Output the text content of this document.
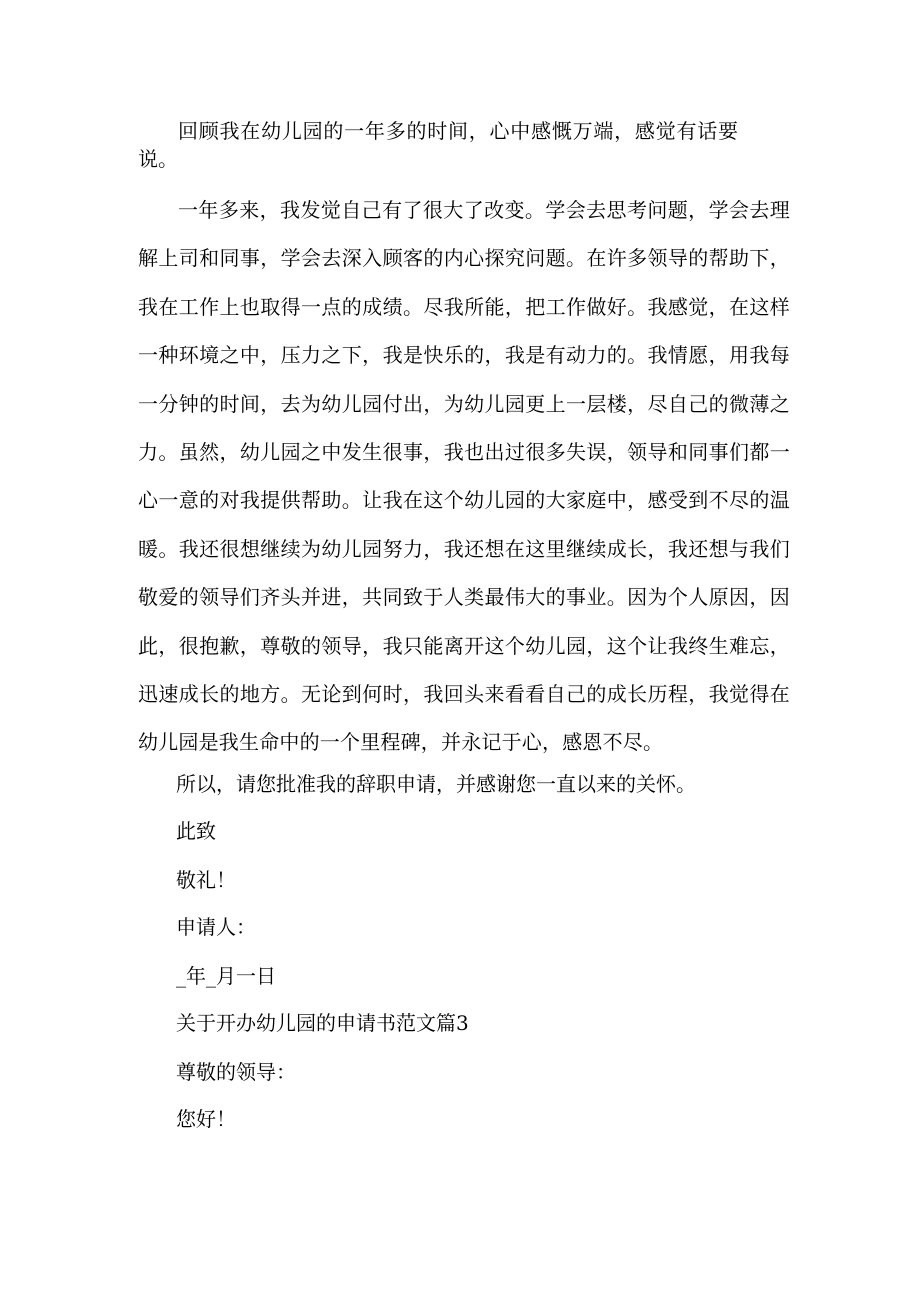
回顾我在幼儿园的一年多的时间，心中感慨万端，感觉有话要说。

一年多来，我发觉自己有了很大了改变。学会去思考问题，学会去理解上司和同事，学会去深入顾客的内心探究问题。在许多领导的帮助下，我在工作上也取得一点的成绩。尽我所能，把工作做好。我感觉，在这样一种环境之中，压力之下，我是快乐的，我是有动力的。我情愿，用我每一分钟的时间，去为幼儿园付出，为幼儿园更上一层楼，尽自己的微薄之力。虽然，幼儿园之中发生很事，我也出过很多失误，领导和同事们都一心一意的对我提供帮助。让我在这个幼儿园的大家庭中，感受到不尽的温暖。我还很想继续为幼儿园努力，我还想在这里继续成长，我还想与我们敬爱的领导们齐头并进，共同致于人类最伟大的事业。因为个人原因，因此，很抱歉，尊敬的领导，我只能离开这个幼儿园，这个让我终生难忘，迅速成长的地方。无论到何时，我回头来看看自己的成长历程，我觉得在幼儿园是我生命中的一个里程碑，并永记于心，感恩不尽。

所以，请您批准我的辞职申请，并感谢您一直以来的关怀。

此致

敬礼！

申请人：

_年_月一日

关于开办幼儿园的申请书范文篇3

尊敬的领导：

您好！
